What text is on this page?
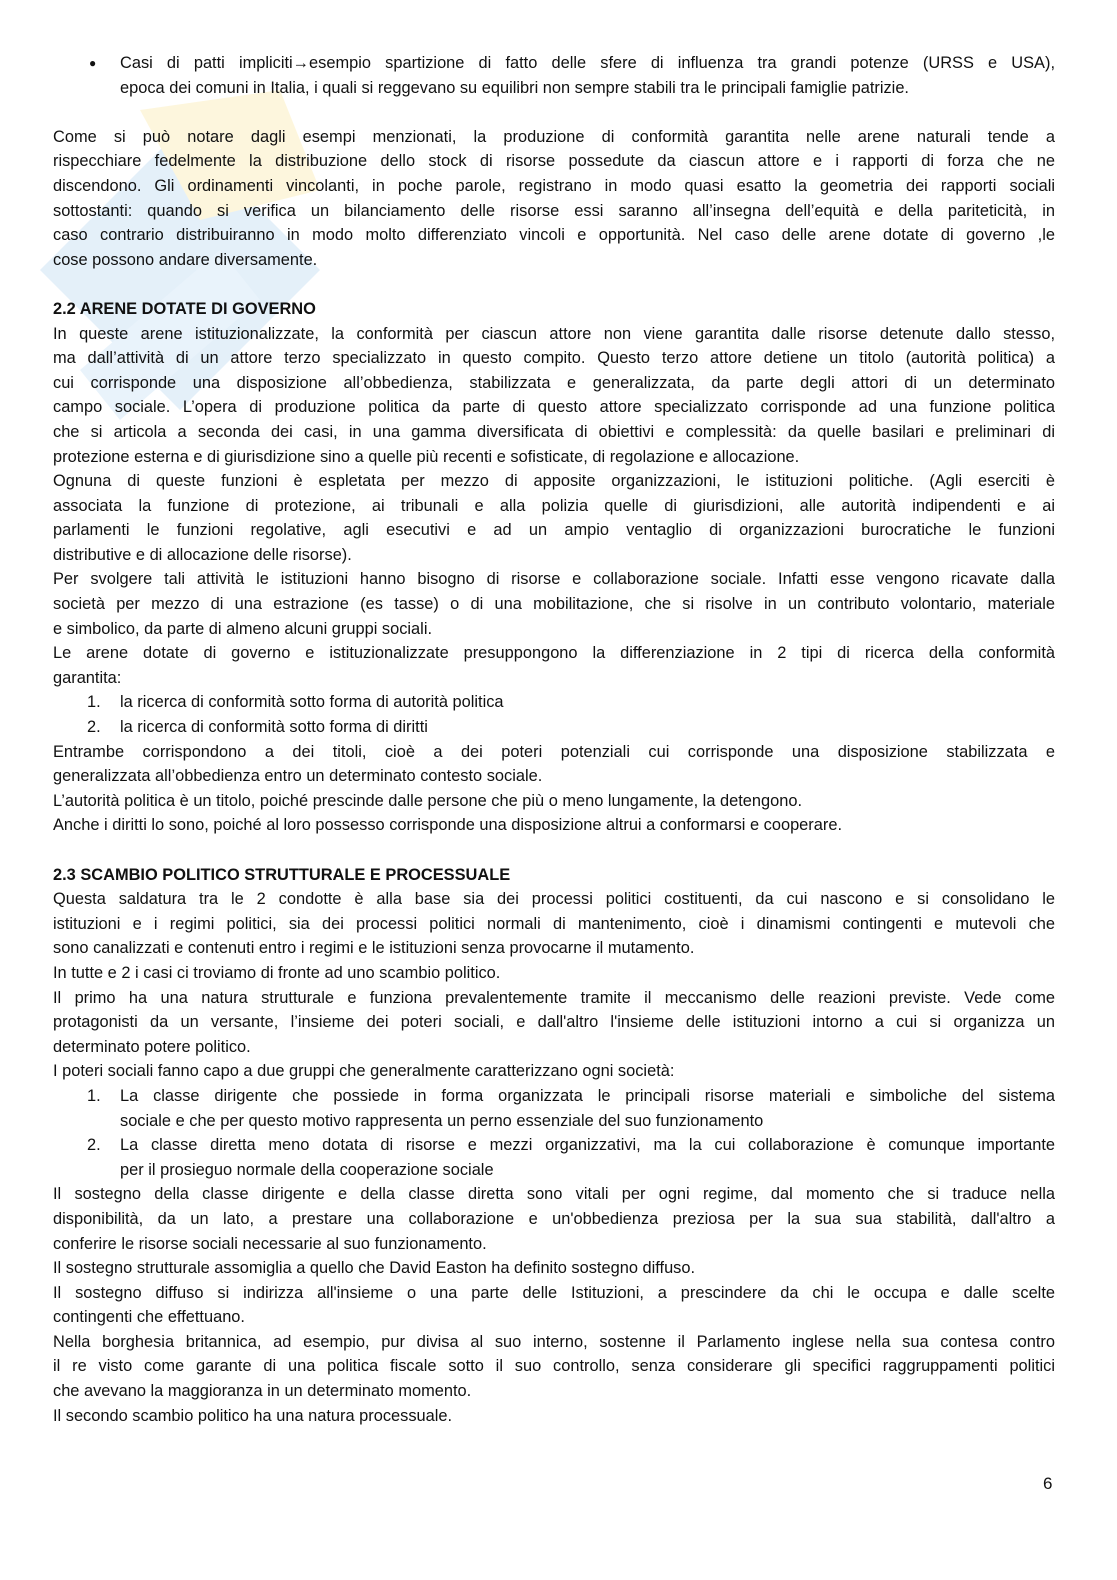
● Casi di patti impliciti→esempio spartizione di fatto delle sfere di influenza tra grandi potenze (URSS e USA),
epoca dei comuni in Italia, i quali si reggevano su equilibri non sempre stabili tra le principali famiglie patrizie.
Come si può notare dagli esempi menzionati, la produzione di conformità garantita nelle arene naturali tende a
rispecchiare fedelmente la distribuzione dello stock di risorse possedute da ciascun attore e i rapporti di forza che ne
discendono. Gli ordinamenti vincolanti, in poche parole, registrano in modo quasi esatto la geometria dei rapporti sociali
sottostanti: quando si verifica un bilanciamento delle risorse essi saranno all’insegna dell’equità e della pariteticità, in
caso contrario distribuiranno in modo molto differenziato vincoli e opportunità. Nel caso delle arene dotate di governo ,le
cose possono andare diversamente.
2.2 ARENE DOTATE DI GOVERNO
In queste arene istituzionalizzate, la conformità per ciascun attore non viene garantita dalle risorse detenute dallo stesso,
ma dall’attività di un attore terzo specializzato in questo compito. Questo terzo attore detiene un titolo (autorità politica) a
cui corrisponde una disposizione all’obbedienza, stabilizzata e generalizzata, da parte degli attori di un determinato
campo sociale. L’opera di produzione politica da parte di questo attore specializzato corrisponde ad una funzione politica
che si articola a seconda dei casi, in una gamma diversificata di obiettivi e complessità: da quelle basilari e preliminari di
protezione esterna e di giurisdizione sino a quelle più recenti e sofisticate, di regolazione e allocazione.
Ognuna di queste funzioni è espletata per mezzo di apposite organizzazioni, le istituzioni politiche. (Agli eserciti è
associata la funzione di protezione, ai tribunali e alla polizia quelle di giurisdizioni, alle autorità indipendenti e ai
parlamenti le funzioni regolative, agli esecutivi e ad un ampio ventaglio di organizzazioni burocratiche le funzioni
distributive e di allocazione delle risorse).
Per svolgere tali attività le istituzioni hanno bisogno di risorse e collaborazione sociale. Infatti esse vengono ricavate dalla
società per mezzo di una estrazione (es tasse) o di una mobilitazione, che si risolve in un contributo volontario, materiale
e simbolico, da parte di almeno alcuni gruppi sociali.
Le arene dotate di governo e istituzionalizzate presuppongono la differenziazione in 2 tipi di ricerca della conformità
garantita:
1. la ricerca di conformità sotto forma di autorità politica
2. la ricerca di conformità sotto forma di diritti
Entrambe corrispondono a dei titoli, cioè a dei poteri potenziali cui corrisponde una disposizione stabilizzata e
generalizzata all’obbedienza entro un determinato contesto sociale.
L’autorità politica è un titolo, poiché prescinde dalle persone che più o meno lungamente, la detengono.
Anche i diritti lo sono, poiché al loro possesso corrisponde una disposizione altrui a conformarsi e cooperare.
2.3 SCAMBIO POLITICO STRUTTURALE E PROCESSUALE
Questa saldatura tra le 2 condotte è alla base sia dei processi politici costituenti, da cui nascono e si consolidano le
istituzioni e i regimi politici, sia dei processi politici normali di mantenimento, cioè i dinamismi contingenti e mutevoli che
sono canalizzati e contenuti entro i regimi e le istituzioni senza provocarne il mutamento.
In tutte e 2 i casi ci troviamo di fronte ad uno scambio politico.
Il primo ha una natura strutturale e funziona prevalentemente tramite il meccanismo delle reazioni previste. Vede come
protagonisti da un versante, l’insieme dei poteri sociali, e dall'altro l'insieme delle istituzioni intorno a cui si organizza un
determinato potere politico.
I poteri sociali fanno capo a due gruppi che generalmente caratterizzano ogni società:
1. La classe dirigente che possiede in forma organizzata le principali risorse materiali e simboliche del sistema
sociale e che per questo motivo rappresenta un perno essenziale del suo funzionamento
2. La classe diretta meno dotata di risorse e mezzi organizzativi, ma la cui collaborazione è comunque importante
per il prosieguo normale della cooperazione sociale
Il sostegno della classe dirigente e della classe diretta sono vitali per ogni regime, dal momento che si traduce nella
disponibilità, da un lato, a prestare una collaborazione e un'obbedienza preziosa per la sua sua stabilità, dall'altro a
conferire le risorse sociali necessarie al suo funzionamento.
Il sostegno strutturale assomiglia a quello che David Easton ha definito sostegno diffuso.
Il sostegno diffuso si indirizza all'insieme o una parte delle Istituzioni, a prescindere da chi le occupa e dalle scelte
contingenti che effettuano.
Nella borghesia britannica, ad esempio, pur divisa al suo interno, sostenne il Parlamento inglese nella sua contesa contro
il re visto come garante di una politica fiscale sotto il suo controllo, senza considerare gli specifici raggruppamenti politici
che avevano la maggioranza in un determinato momento.
Il secondo scambio politico ha una natura processuale.
6
